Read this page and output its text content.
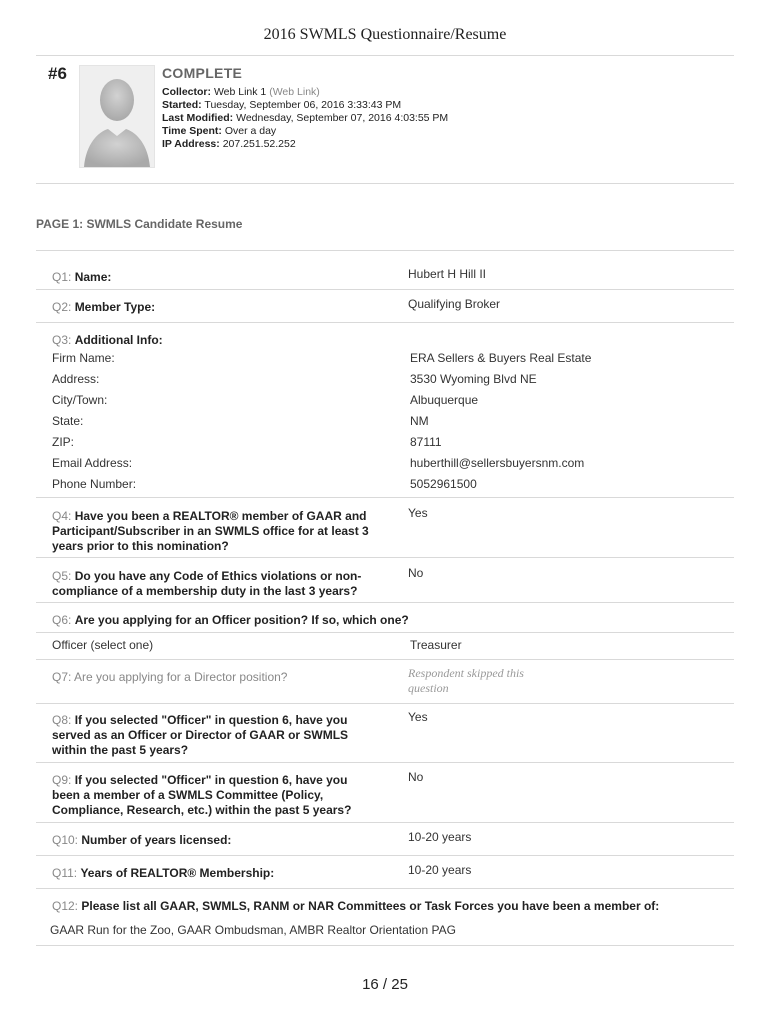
2016 SWMLS Questionnaire/Resume
#6	COMPLETE
Collector: Web Link 1 (Web Link)
Started: Tuesday, September 06, 2016 3:33:43 PM
Last Modified: Wednesday, September 07, 2016 4:03:55 PM
Time Spent: Over a day
IP Address: 207.251.52.252
PAGE 1: SWMLS Candidate Resume
Q1: Name:	Hubert H Hill II
Q2: Member Type:	Qualifying Broker
Q3: Additional Info:
Firm Name:	ERA Sellers & Buyers Real Estate
Address:	3530 Wyoming Blvd NE
City/Town:	Albuquerque
State:	NM
ZIP:	87111
Email Address:	huberthill@sellersbuyersnm.com
Phone Number:	5052961500
Q4: Have you been a REALTOR® member of GAAR and
Participant/Subscriber in an SWMLS office for at least 3
years prior to this nomination?
Yes
Q5: Do you have any Code of Ethics violations or non-
compliance of a membership duty in the last 3 years?
No
Q6: Are you applying for an Officer position? If so, which one?
Officer (select one)	Treasurer
Q7: Are you applying for a Director position?	Respondent skipped this
question
Q8: If you selected "Officer" in question 6, have you
served as an Officer or Director of GAAR or SWMLS
within the past 5 years?
Yes
Q9: If you selected "Officer" in question 6, have you
been a member of a SWMLS Committee (Policy,
Compliance, Research, etc.) within the past 5 years?
No
Q10: Number of years licensed:	10-20 years
Q11: Years of REALTOR® Membership:	10-20 years
Q12: Please list all GAAR, SWMLS, RANM or NAR Committees or Task Forces you have been a member of:
GAAR Run for the Zoo, GAAR Ombudsman, AMBR Realtor Orientation PAG
16 / 25
